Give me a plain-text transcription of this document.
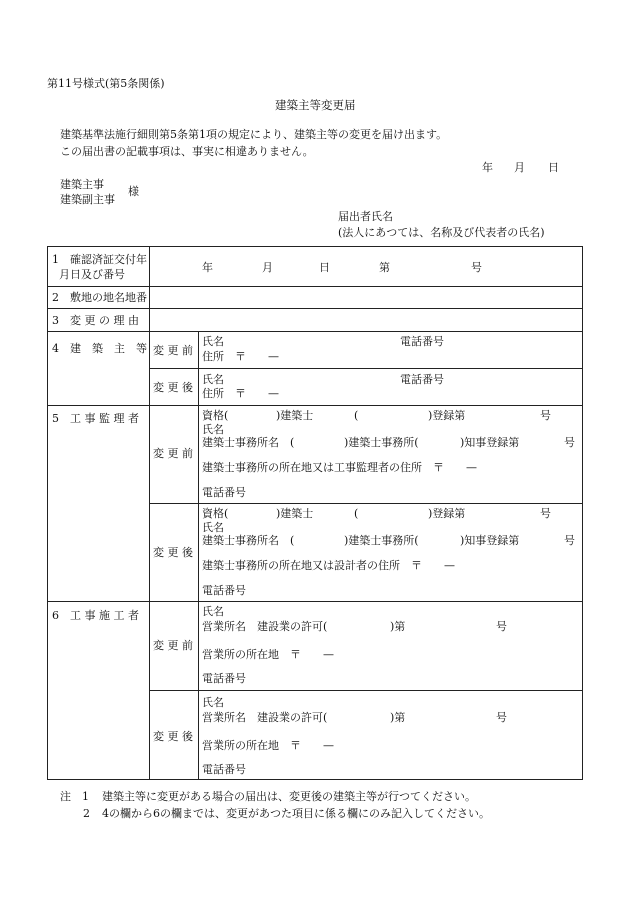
第11号様式(第5条関係)
建築主等変更届
建築基準法施行細則第5条第1項の規定により、建築主等の変更を届け出ます。
この届出書の記載事項は、事実に相違ありません。
年 月 日
建築主事
建築副主事
様
届出者氏名
(法人にあつては、名称及び代表者の氏名)
1　確認済証交付年
月日及び番号
年	月	日	第	号
2　敷地の地名地番
3　変 更 の 理 由
4　建　築　主　等 変 更 前
氏名	電話番号
住所　〒　　—
変 更 後
氏名	電話番号
住所　〒　　—
5　工 事 監 理 者
変 更 前
資格(	)建築士	(	)登録第	号
氏名
建築士事務所名　(	)建築士事務所(	)知事登録第	号
建築士事務所の所在地又は工事監理者の住所　〒　　—
電話番号
変 更 後
資格(	)建築士	(	)登録第	号
氏名
建築士事務所名　(	)建築士事務所(	)知事登録第	号
建築士事務所の所在地又は設計者の住所　〒　　—
電話番号
6　工 事 施 工 者
変 更 前
氏名
営業所名　建設業の許可(	)第	号
営業所の所在地　〒　　—
電話番号
変 更 後
氏名
営業所名　建設業の許可(	)第	号
営業所の所在地　〒　　—
電話番号
注　1 建築主等に変更がある場合の届出は、変更後の建築主等が行つてください。
2 4の欄から6の欄までは、変更があつた項目に係る欄にのみ記入してください。
